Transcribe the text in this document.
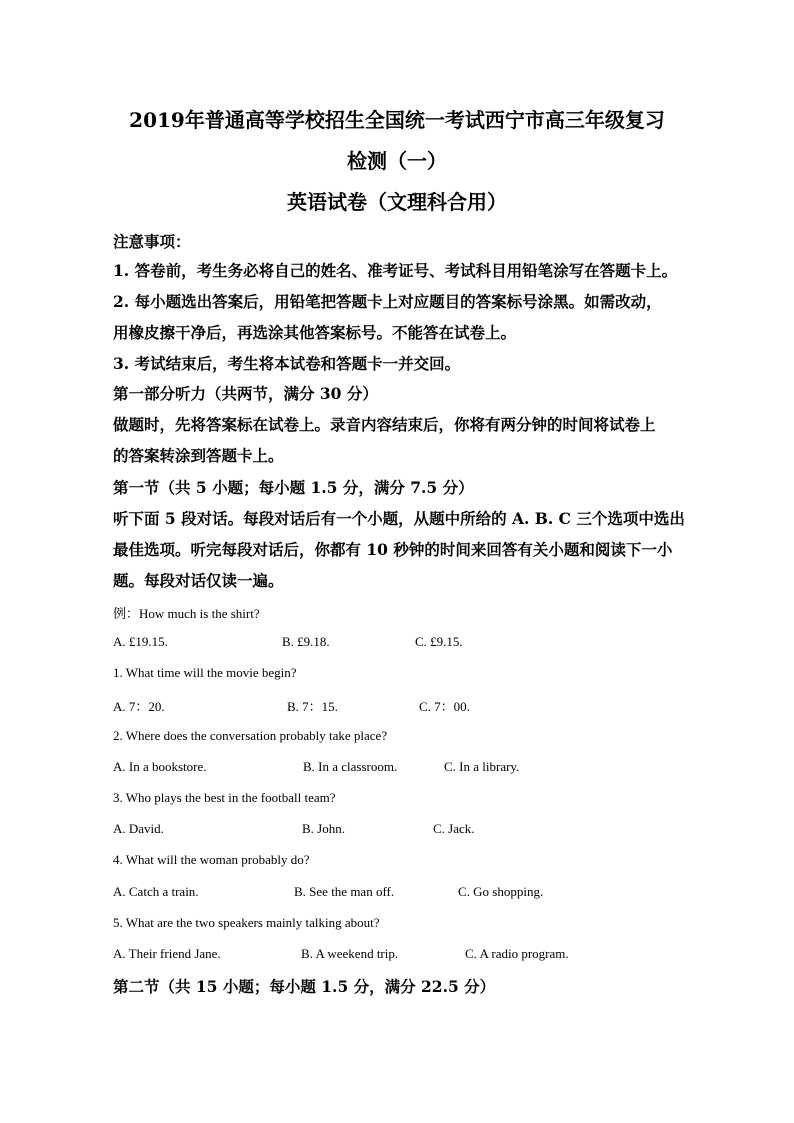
2019年普通高等学校招生全国统一考试西宁市高三年级复习
检测（一）
英语试卷（文理科合用）
注意事项：
1. 答卷前，考生务必将自己的姓名、准考证号、考试科目用铅笔涂写在答题卡上。
2. 每小题选出答案后，用铅笔把答题卡上对应题目的答案标号涂黑。如需改动，
用橡皮擦干净后，再选涂其他答案标号。不能答在试卷上。
3. 考试结束后，考生将本试卷和答题卡一并交回。
第一部分听力（共两节，满分 30 分）
做题时，先将答案标在试卷上。录音内容结束后，你将有两分钟的时间将试卷上
的答案转涂到答题卡上。
第一节（共 5 小题；每小题 1.5 分，满分 7.5 分）
听下面 5 段对话。每段对话后有一个小题，从题中所给的 A. B. C 三个选项中选出
最佳选项。听完每段对话后，你都有 10 秒钟的时间来回答有关小题和阅读下一小
题。每段对话仅读一遍。
例：How much is the shirt?
A. £19.15.	B. £9.18.	C. £9.15.
1. What time will the movie begin?
A. 7：20.	B. 7：15.	C. 7：00.
2. Where does the conversation probably take place?
A. In a bookstore.	B. In a classroom.	C. In a library.
3. Who plays the best in the football team?
A. David.	B. John.	C. Jack.
4. What will the woman probably do?
A. Catch a train.	B. See the man off.	C. Go shopping.
5. What are the two speakers mainly talking about?
A. Their friend Jane.	B. A weekend trip.	C. A radio program.
第二节（共 15 小题；每小题 1.5 分，满分 22.5 分）
